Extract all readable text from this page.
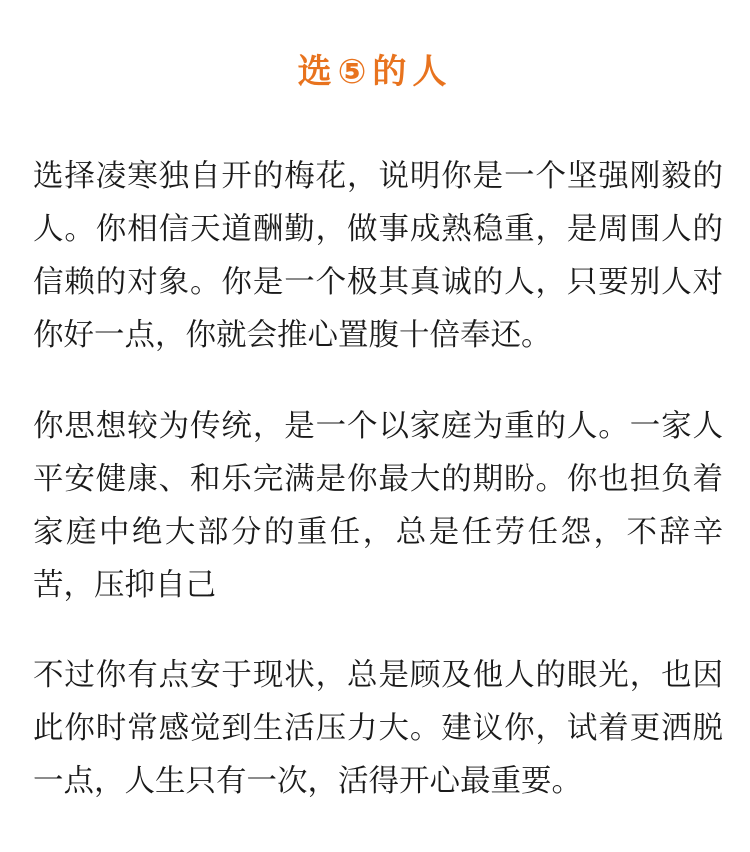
选⑤的人

选择凌寒独自开的梅花，说明你是一个坚强刚毅的人。你相信天道酬勤，做事成熟稳重，是周围人的信赖的对象。你是一个极其真诚的人，只要别人对你好一点，你就会推心置腹十倍奉还。

你思想较为传统，是一个以家庭为重的人。一家人平安健康、和乐完满是你最大的期盼。你也担负着家庭中绝大部分的重任，总是任劳任怨，不辞辛苦，压抑自己

不过你有点安于现状，总是顾及他人的眼光，也因此你时常感觉到生活压力大。建议你，试着更洒脱一点，人生只有一次，活得开心最重要。
